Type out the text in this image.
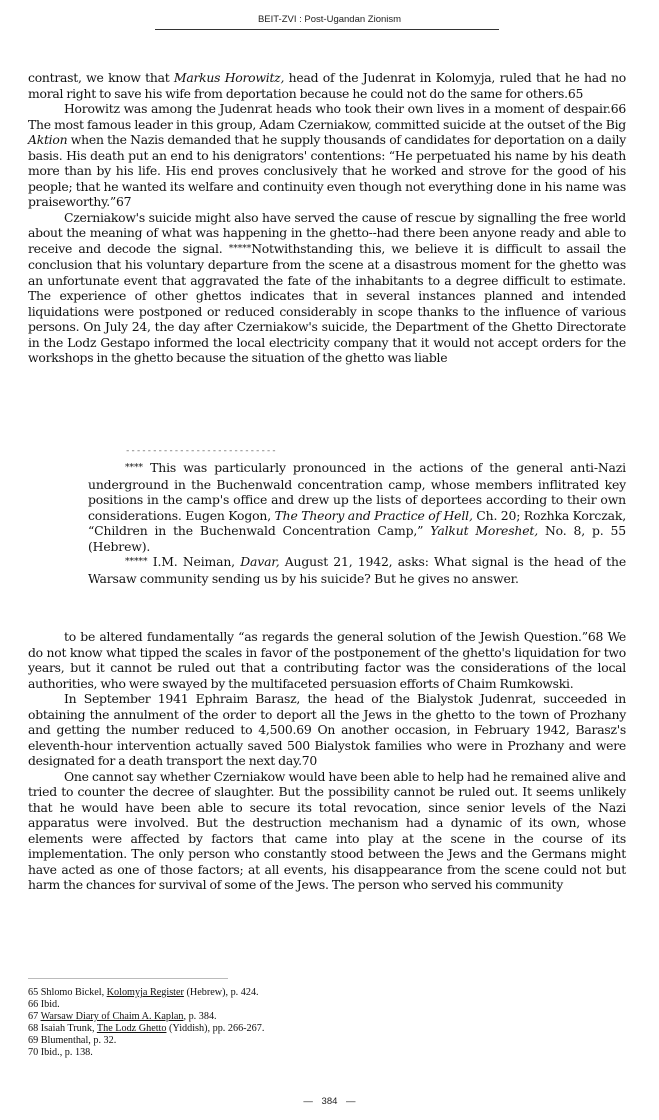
BEIT-ZVI : Post-Ugandan Zionism

contrast, we know that Markus Horowitz, head of the Judenrat in Kolomyja, ruled that he had no moral right to save his wife from deportation because he could not do the same for others.65

Horowitz was among the Judenrat heads who took their own lives in a moment of despair.66 The most famous leader in this group, Adam Czerniakow, committed suicide at the outset of the Big Aktion when the Nazis demanded that he supply thousands of candidates for deportation on a daily basis. His death put an end to his denigrators' contentions: “He perpetuated his name by his death more than by his life. His end proves conclusively that he worked and strove for the good of his people; that he wanted its welfare and continuity even though not everything done in his name was praiseworthy.”67

Czerniakow's suicide might also have served the cause of rescue by signalling the free world about the meaning of what was happening in the ghetto--had there been anyone ready and able to receive and decode the signal. *****Notwithstanding this, we believe it is difficult to assail the conclusion that his voluntary departure from the scene at a disastrous moment for the ghetto was an unfortunate event that aggravated the fate of the inhabitants to a degree difficult to estimate. The experience of other ghettos indicates that in several instances planned and intended liquidations were postponed or reduced considerably in scope thanks to the influence of various persons. On July 24, the day after Czerniakow's suicide, the Department of the Ghetto Directorate in the Lodz Gestapo informed the local electricity company that it would not accept orders for the workshops in the ghetto because the situation of the ghetto was liable

----------------------------

**** This was particularly pronounced in the actions of the general anti-Nazi underground in the Buchenwald concentration camp, whose members inflitrated key positions in the camp's office and drew up the lists of deportees according to their own considerations. Eugen Kogon, The Theory and Practice of Hell, Ch. 20; Rozhka Korczak, “Children in the Buchenwald Concentration Camp,” Yalkut Moreshet, No. 8, p. 55 (Hebrew).

***** I.M. Neiman, Davar, August 21, 1942, asks: What signal is the head of the Warsaw community sending us by his suicide? But he gives no answer.

to be altered fundamentally “as regards the general solution of the Jewish Question.”68 We do not know what tipped the scales in favor of the postponement of the ghetto's liquidation for two years, but it cannot be ruled out that a contributing factor was the considerations of the local authorities, who were swayed by the multifaceted persuasion efforts of Chaim Rumkowski.

In September 1941 Ephraim Barasz, the head of the Bialystok Judenrat, succeeded in obtaining the annulment of the order to deport all the Jews in the ghetto to the town of Prozhany and getting the number reduced to 4,500.69 On another occasion, in February 1942, Barasz's eleventh-hour intervention actually saved 500 Bialystok families who were in Prozhany and were designated for a death transport the next day.70

One cannot say whether Czerniakow would have been able to help had he remained alive and tried to counter the decree of slaughter. But the possibility cannot be ruled out. It seems unlikely that he would have been able to secure its total revocation, since senior levels of the Nazi apparatus were involved. But the destruction mechanism had a dynamic of its own, whose elements were affected by factors that came into play at the scene in the course of its implementation. The only person who constantly stood between the Jews and the Germans might have acted as one of those factors; at all events, his disappearance from the scene could not but harm the chances for survival of some of the Jews. The person who served his community

65 Shlomo Bickel, Kolomyja Register (Hebrew), p. 424.

66 Ibid.

67 Warsaw Diary of Chaim A. Kaplan, p. 384.

68 Isaiah Trunk, The Lodz Ghetto (Yiddish), pp. 266-267.

69 Blumenthal, p. 32.

70 Ibid., p. 138.

— 384 —
